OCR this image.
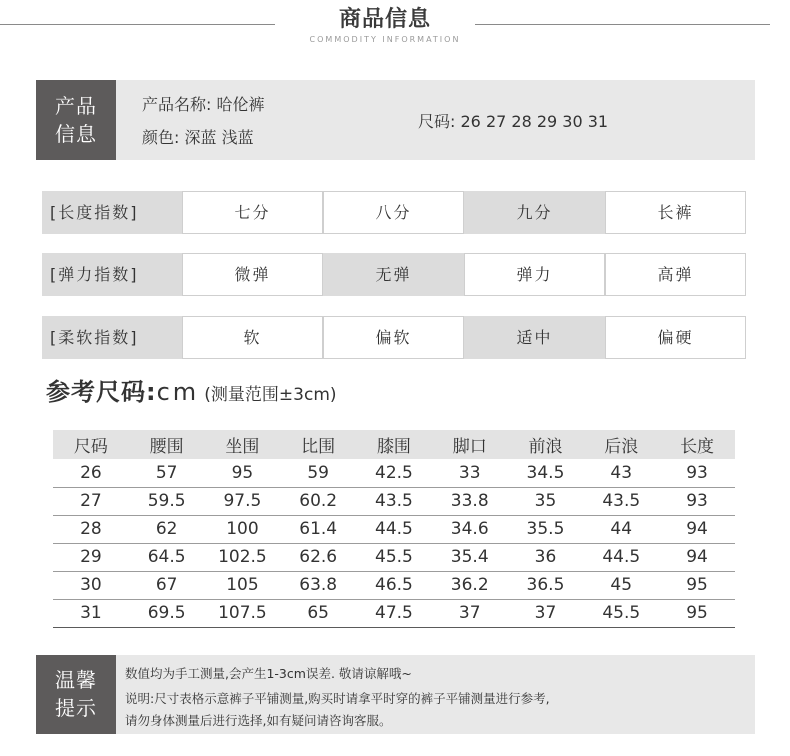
商品信息
COMMODITY INFORMATION
产品
信息
产品名称: 哈伦裤
颜色: 深蓝 浅蓝
尺码: 26 27 28 29 30 31
[长度指数]	七分	八分	九分	长裤
[弹力指数]	微弹	无弹	弹力	高弹
[柔软指数]	软	偏软	适中	偏硬
参考尺码:cm (测量范围±3cm)
尺码	腰围	坐围	比围	膝围	脚口	前浪	后浪	长度
26	57	95	59	42.5	33	34.5	43	93
27	59.5	97.5	60.2	43.5	33.8	35	43.5	93
28	62	100	61.4	44.5	34.6	35.5	44	94
29	64.5	102.5	62.6	45.5	35.4	36	44.5	94
30	67	105	63.8	46.5	36.2	36.5	45	95
31	69.5	107.5	65	47.5	37	37	45.5	95
温馨
提示
数值均为手工测量,会产生1-3cm误差. 敬请谅解哦~
说明:尺寸表格示意裤子平铺测量,购买时请拿平时穿的裤子平铺测量进行参考,
请勿身体测量后进行选择,如有疑问请咨询客服。
